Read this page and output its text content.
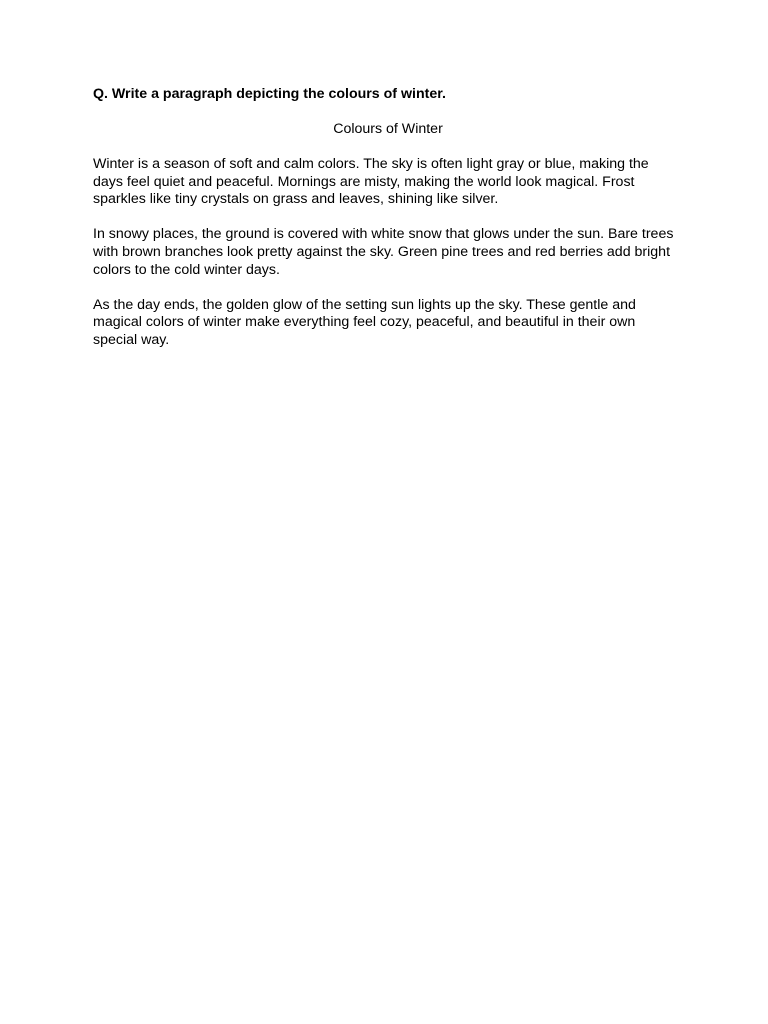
Q. Write a paragraph depicting the colours of winter.

Colours of Winter

Winter is a season of soft and calm colors. The sky is often light gray or blue, making the
days feel quiet and peaceful. Mornings are misty, making the world look magical. Frost
sparkles like tiny crystals on grass and leaves, shining like silver.

In snowy places, the ground is covered with white snow that glows under the sun. Bare trees
with brown branches look pretty against the sky. Green pine trees and red berries add bright
colors to the cold winter days.

As the day ends, the golden glow of the setting sun lights up the sky. These gentle and
magical colors of winter make everything feel cozy, peaceful, and beautiful in their own
special way.
